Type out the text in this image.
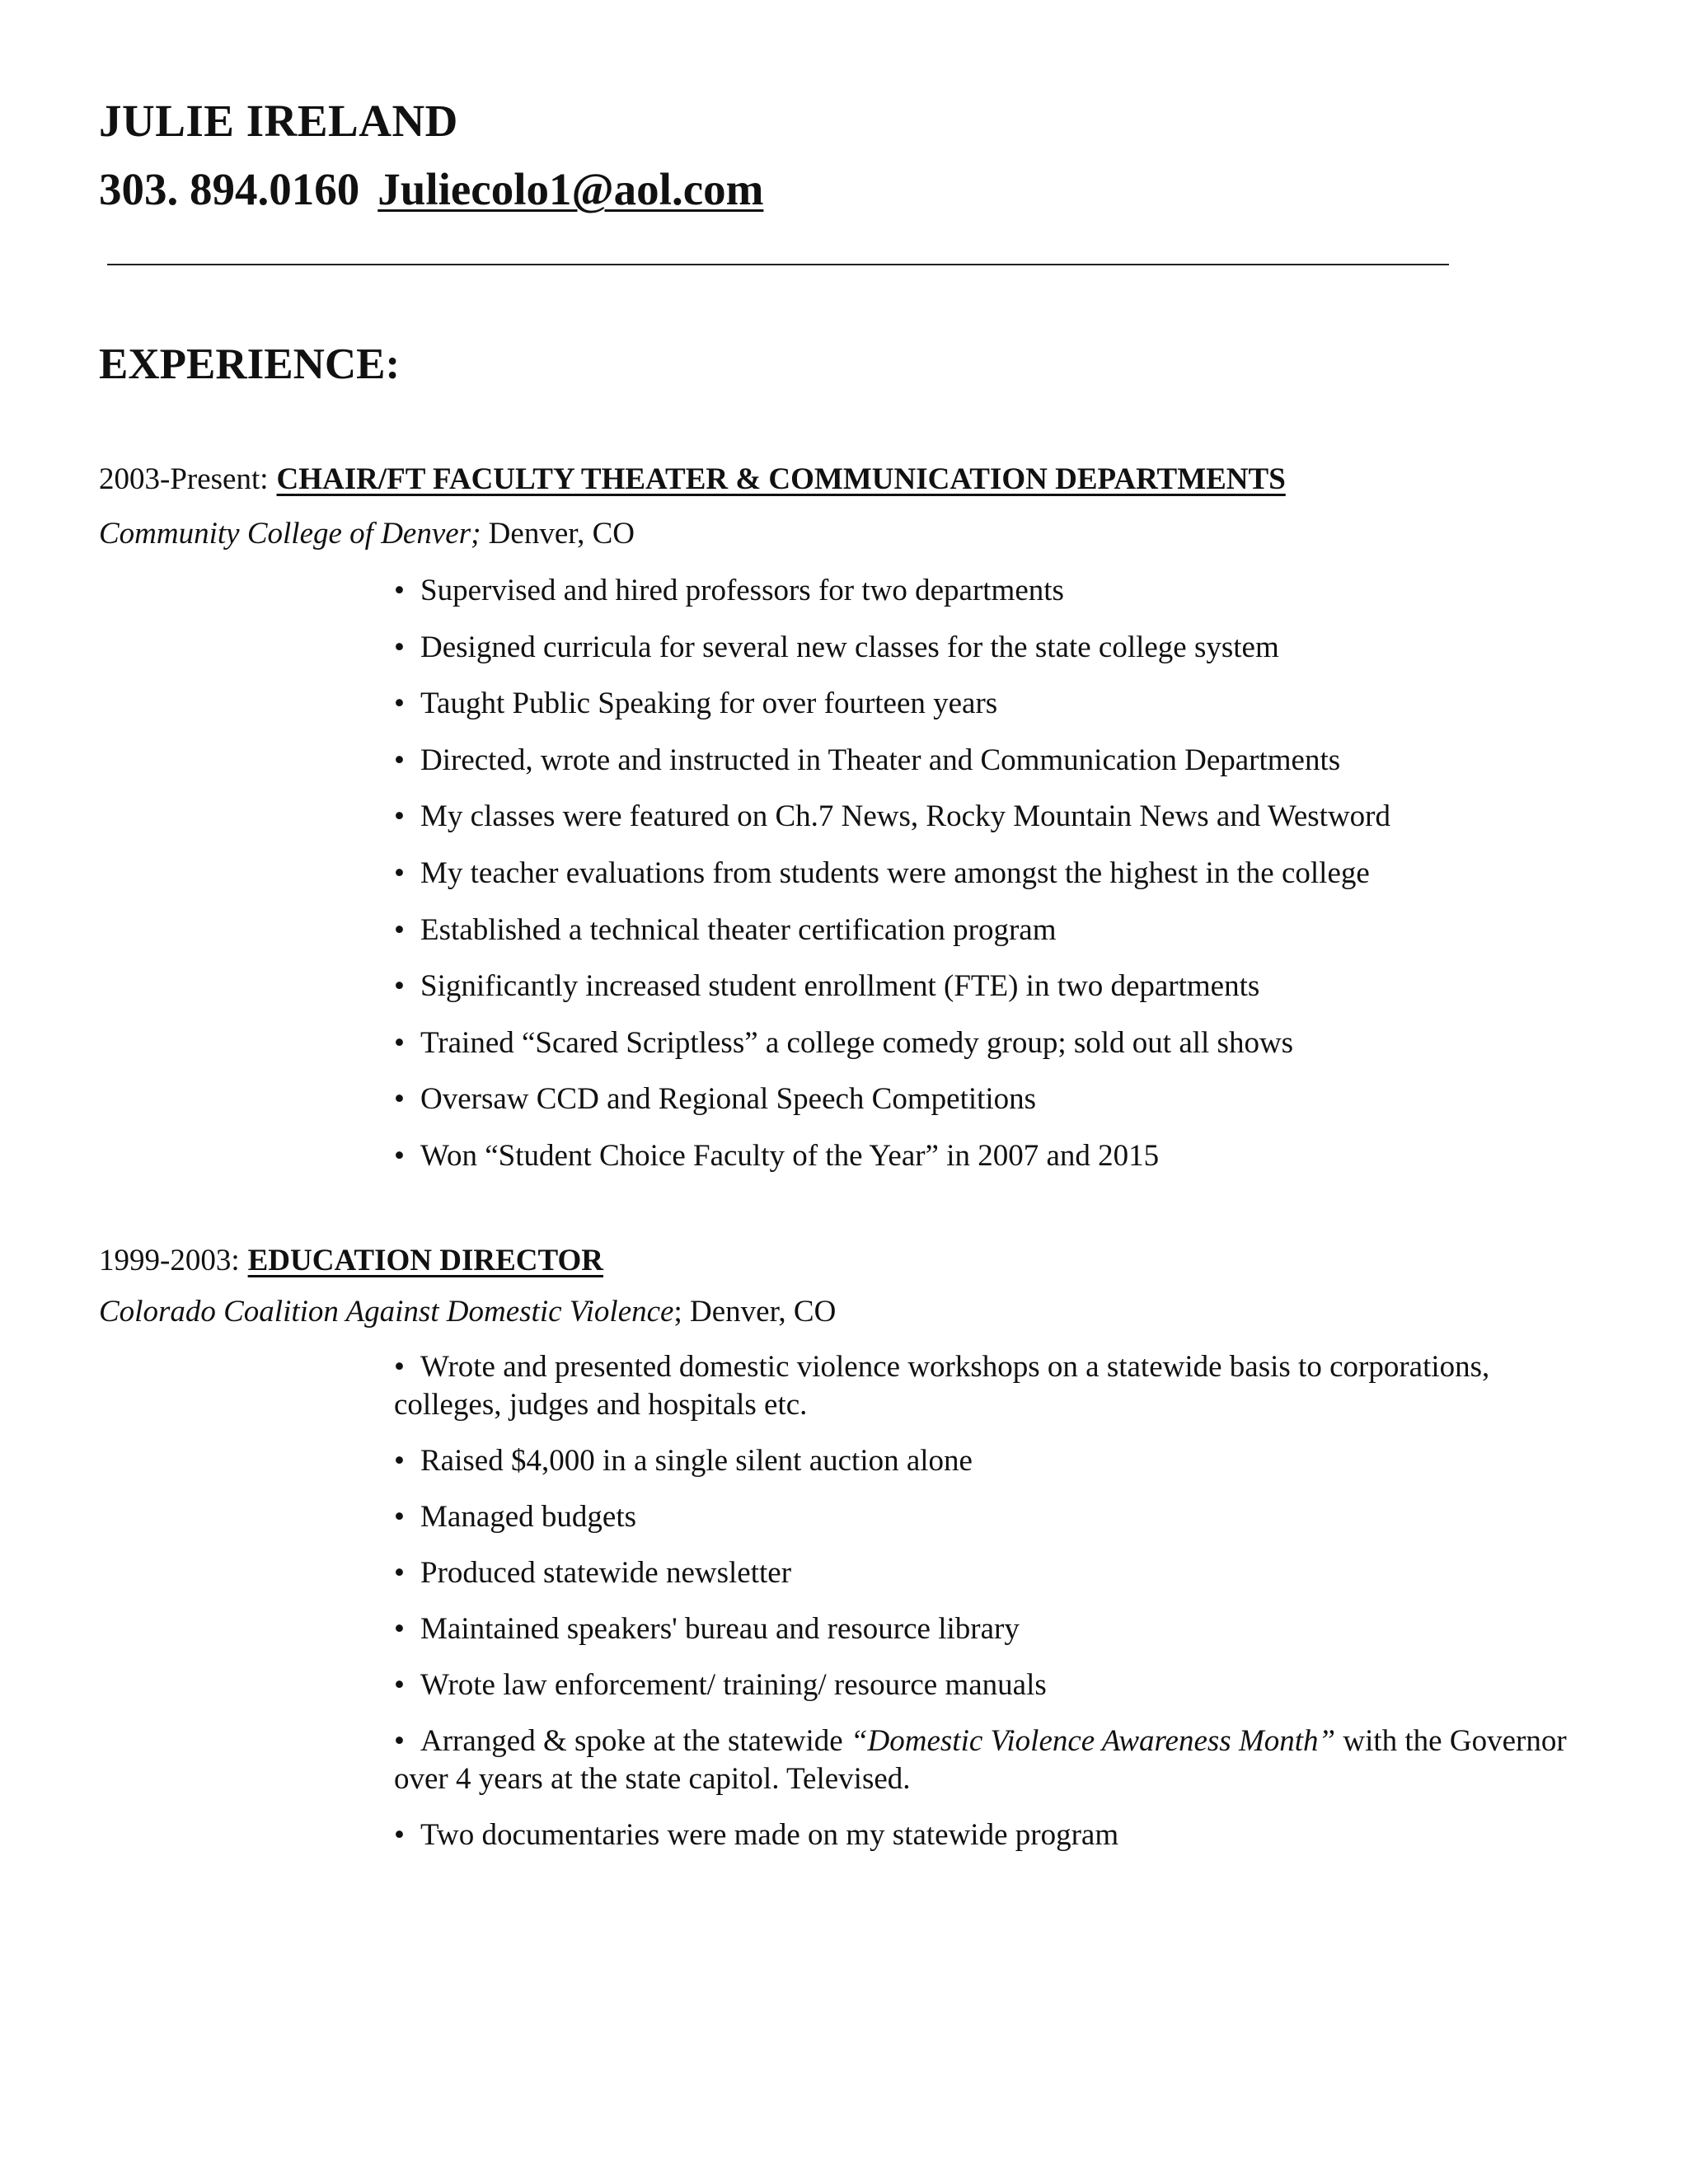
JULIE IRELAND
303. 894.0160 Juliecolo1@aol.com
EXPERIENCE:
2003-Present: CHAIR/FT FACULTY THEATER & COMMUNICATION DEPARTMENTS
Community College of Denver; Denver, CO
• Supervised and hired professors for two departments
• Designed curricula for several new classes for the state college system
• Taught Public Speaking for over fourteen years
• Directed, wrote and instructed in Theater and Communication Departments
• My classes were featured on Ch.7 News, Rocky Mountain News and Westword
• My teacher evaluations from students were amongst the highest in the college
• Established a technical theater certification program
• Significantly increased student enrollment (FTE) in two departments
• Trained “Scared Scriptless” a college comedy group; sold out all shows
• Oversaw CCD and Regional Speech Competitions
• Won “Student Choice Faculty of the Year” in 2007 and 2015
1999-2003: EDUCATION DIRECTOR
Colorado Coalition Against Domestic Violence; Denver, CO
• Wrote and presented domestic violence workshops on a statewide basis to corporations, colleges, judges and hospitals etc.
• Raised $4,000 in a single silent auction alone
• Managed budgets
• Produced statewide newsletter
• Maintained speakers' bureau and resource library
• Wrote law enforcement/ training/ resource manuals
• Arranged & spoke at the statewide “Domestic Violence Awareness Month” with the Governor over 4 years at the state capitol. Televised.
• Two documentaries were made on my statewide program
